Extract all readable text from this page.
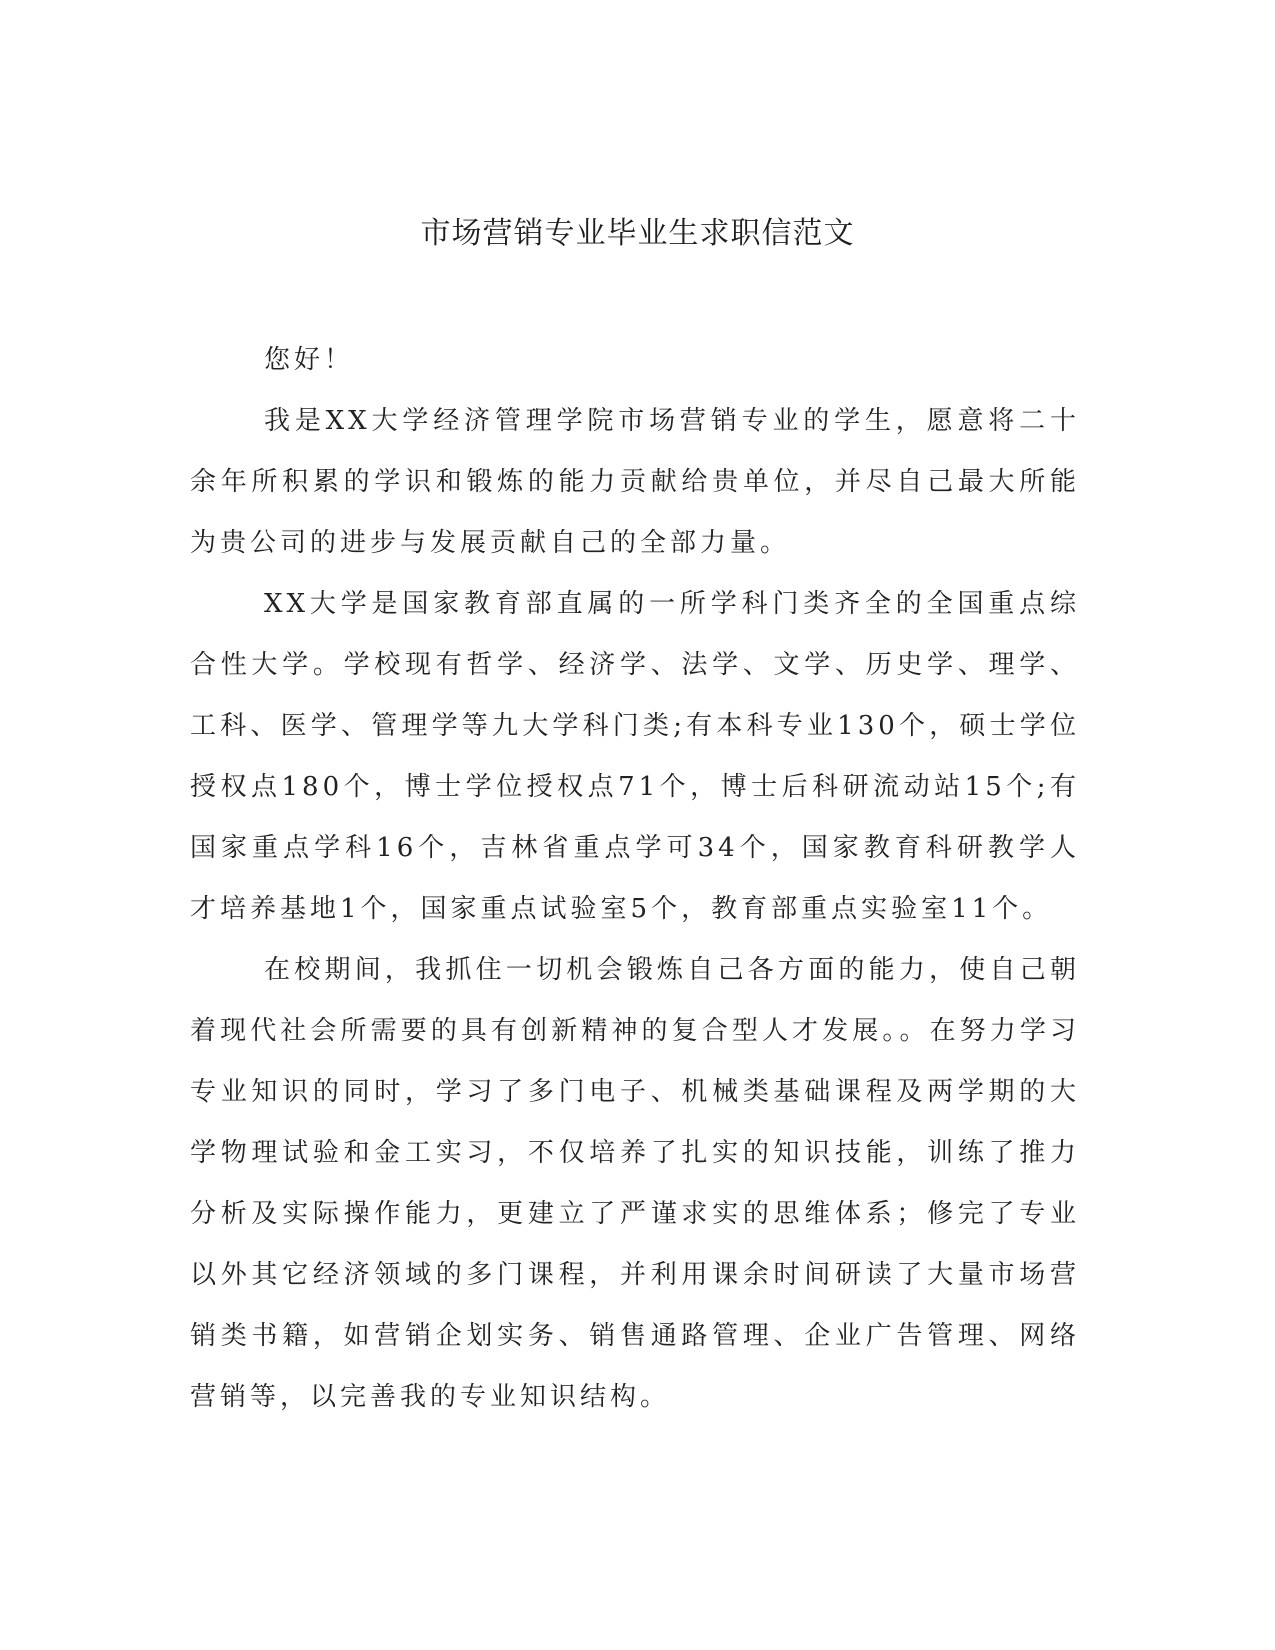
市场营销专业毕业生求职信范文

您好！

我是XX大学经济管理学院市场营销专业的学生，愿意将二十余年所积累的学识和锻炼的能力贡献给贵单位，并尽自己最大所能为贵公司的进步与发展贡献自己的全部力量。

XX大学是国家教育部直属的一所学科门类齐全的全国重点综合性大学。学校现有哲学、经济学、法学、文学、历史学、理学、工科、医学、管理学等九大学科门类;有本科专业130个，硕士学位授权点180个，博士学位授权点71个，博士后科研流动站15个;有国家重点学科16个，吉林省重点学可34个，国家教育科研教学人才培养基地1个，国家重点试验室5个，教育部重点实验室11个。

在校期间，我抓住一切机会锻炼自己各方面的能力，使自己朝着现代社会所需要的具有创新精神的复合型人才发展。。在努力学习专业知识的同时，学习了多门电子、机械类基础课程及两学期的大学物理试验和金工实习，不仅培养了扎实的知识技能，训练了推力分析及实际操作能力，更建立了严谨求实的思维体系；修完了专业以外其它经济领域的多门课程，并利用课余时间研读了大量市场营销类书籍，如营销企划实务、销售通路管理、企业广告管理、网络营销等，以完善我的专业知识结构。
